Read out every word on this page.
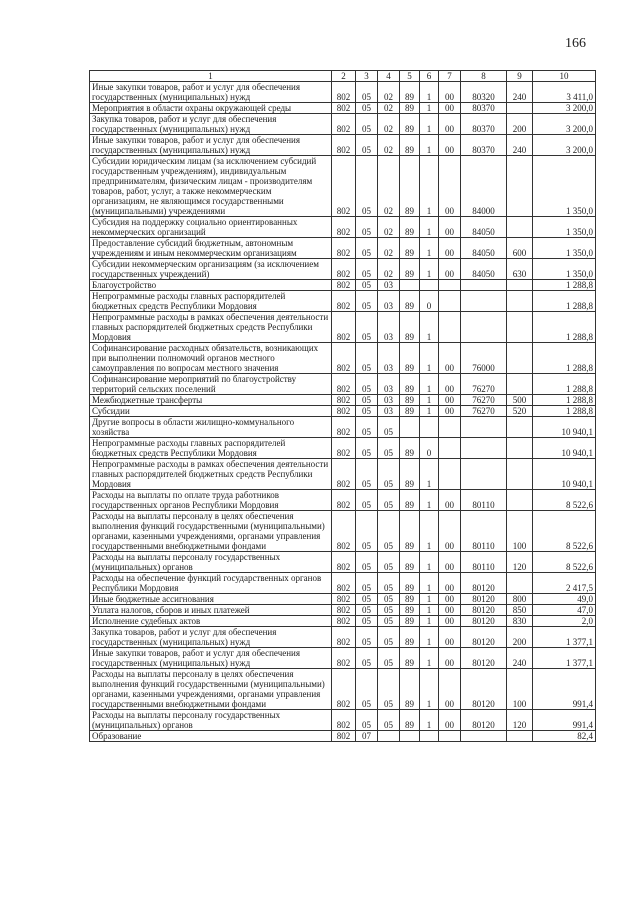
166
1	2	3	4	5	6	7	8	9	10
Иные закупки товаров, работ и услуг для обеспечения государственных (муниципальных) нужд	802	05	02	89	1	00	80320	240	3 411,0
Мероприятия в области охраны окружающей среды	802	05	02	89	1	00	80370		3 200,0
Закупка товаров, работ и услуг для обеспечения государственных (муниципальных) нужд	802	05	02	89	1	00	80370	200	3 200,0
Иные закупки товаров, работ и услуг для обеспечения государственных (муниципальных) нужд	802	05	02	89	1	00	80370	240	3 200,0
Субсидии юридическим лицам (за исключением субсидий государственным учреждениям), индивидуальным предпринимателям, физическим лицам - производителям товаров, работ, услуг, а также некоммерческим организациям, не являющимся государственными (муниципальными) учреждениями	802	05	02	89	1	00	84000		1 350,0
Субсидия на поддержку социально ориентированных некоммерческих организаций	802	05	02	89	1	00	84050		1 350,0
Предоставление субсидий бюджетным, автономным учреждениям и иным некоммерческим организациям	802	05	02	89	1	00	84050	600	1 350,0
Субсидии некоммерческим организациям (за исключением государственных учреждений)	802	05	02	89	1	00	84050	630	1 350,0
Благоустройство	802	05	03						1 288,8
Непрограммные расходы главных распорядителей бюджетных средств Республики Мордовия	802	05	03	89	0				1 288,8
Непрограммные расходы в рамках обеспечения деятельности главных распорядителей бюджетных средств Республики Мордовия	802	05	03	89	1				1 288,8
Софинансирование расходных обязательств, возникающих при выполнении полномочий органов местного самоуправления по вопросам местного значения	802	05	03	89	1	00	76000		1 288,8
Софинансирование мероприятий по благоустройству территорий сельских поселений	802	05	03	89	1	00	76270		1 288,8
Межбюджетные трансферты	802	05	03	89	1	00	76270	500	1 288,8
Субсидии	802	05	03	89	1	00	76270	520	1 288,8
Другие вопросы в области жилищно-коммунального хозяйства	802	05	05						10 940,1
Непрограммные расходы главных распорядителей бюджетных средств Республики Мордовия	802	05	05	89	0				10 940,1
Непрограммные расходы в рамках обеспечения деятельности главных распорядителей бюджетных средств Республики Мордовия	802	05	05	89	1				10 940,1
Расходы на выплаты по оплате труда работников государственных органов Республики Мордовия	802	05	05	89	1	00	80110		8 522,6
Расходы на выплаты персоналу в целях обеспечения выполнения функций государственными (муниципальными) органами, казенными учреждениями, органами управления государственными внебюджетными фондами	802	05	05	89	1	00	80110	100	8 522,6
Расходы на выплаты персоналу государственных (муниципальных) органов	802	05	05	89	1	00	80110	120	8 522,6
Расходы на обеспечение функций государственных органов Республики Мордовия	802	05	05	89	1	00	80120		2 417,5
Иные бюджетные ассигнования	802	05	05	89	1	00	80120	800	49,0
Уплата налогов, сборов и иных платежей	802	05	05	89	1	00	80120	850	47,0
Исполнение судебных актов	802	05	05	89	1	00	80120	830	2,0
Закупка товаров, работ и услуг для обеспечения государственных (муниципальных) нужд	802	05	05	89	1	00	80120	200	1 377,1
Иные закупки товаров, работ и услуг для обеспечения государственных (муниципальных) нужд	802	05	05	89	1	00	80120	240	1 377,1
Расходы на выплаты персоналу в целях обеспечения выполнения функций государственными (муниципальными) органами, казенными учреждениями, органами управления государственными внебюджетными фондами	802	05	05	89	1	00	80120	100	991,4
Расходы на выплаты персоналу государственных (муниципальных) органов	802	05	05	89	1	00	80120	120	991,4
Образование	802	07							82,4
